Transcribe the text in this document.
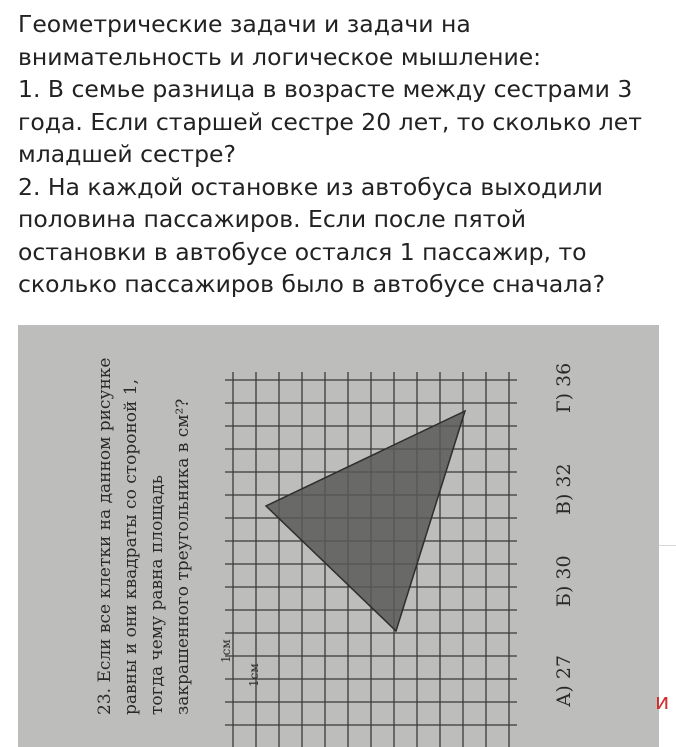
Геометрические задачи и задачи на

внимательность и логическое мышление:

1. В семье разница в возрасте между сестрами 3

года. Если старшей сестре 20 лет, то сколько лет

младшей сестре?

2. На каждой остановке из автобуса выходили

половина пассажиров. Если после пятой

остановки в автобусе остался 1 пассажир, то

сколько пассажиров было в автобусе сначала?

23. Если все клетки на данном рисунке равны и они квадраты со стороной 1, тогда чему равна площадь закрашенного треугольника в см²? 1см
1см	А) 27
Б) 30
В) 32
Г) 36
и
